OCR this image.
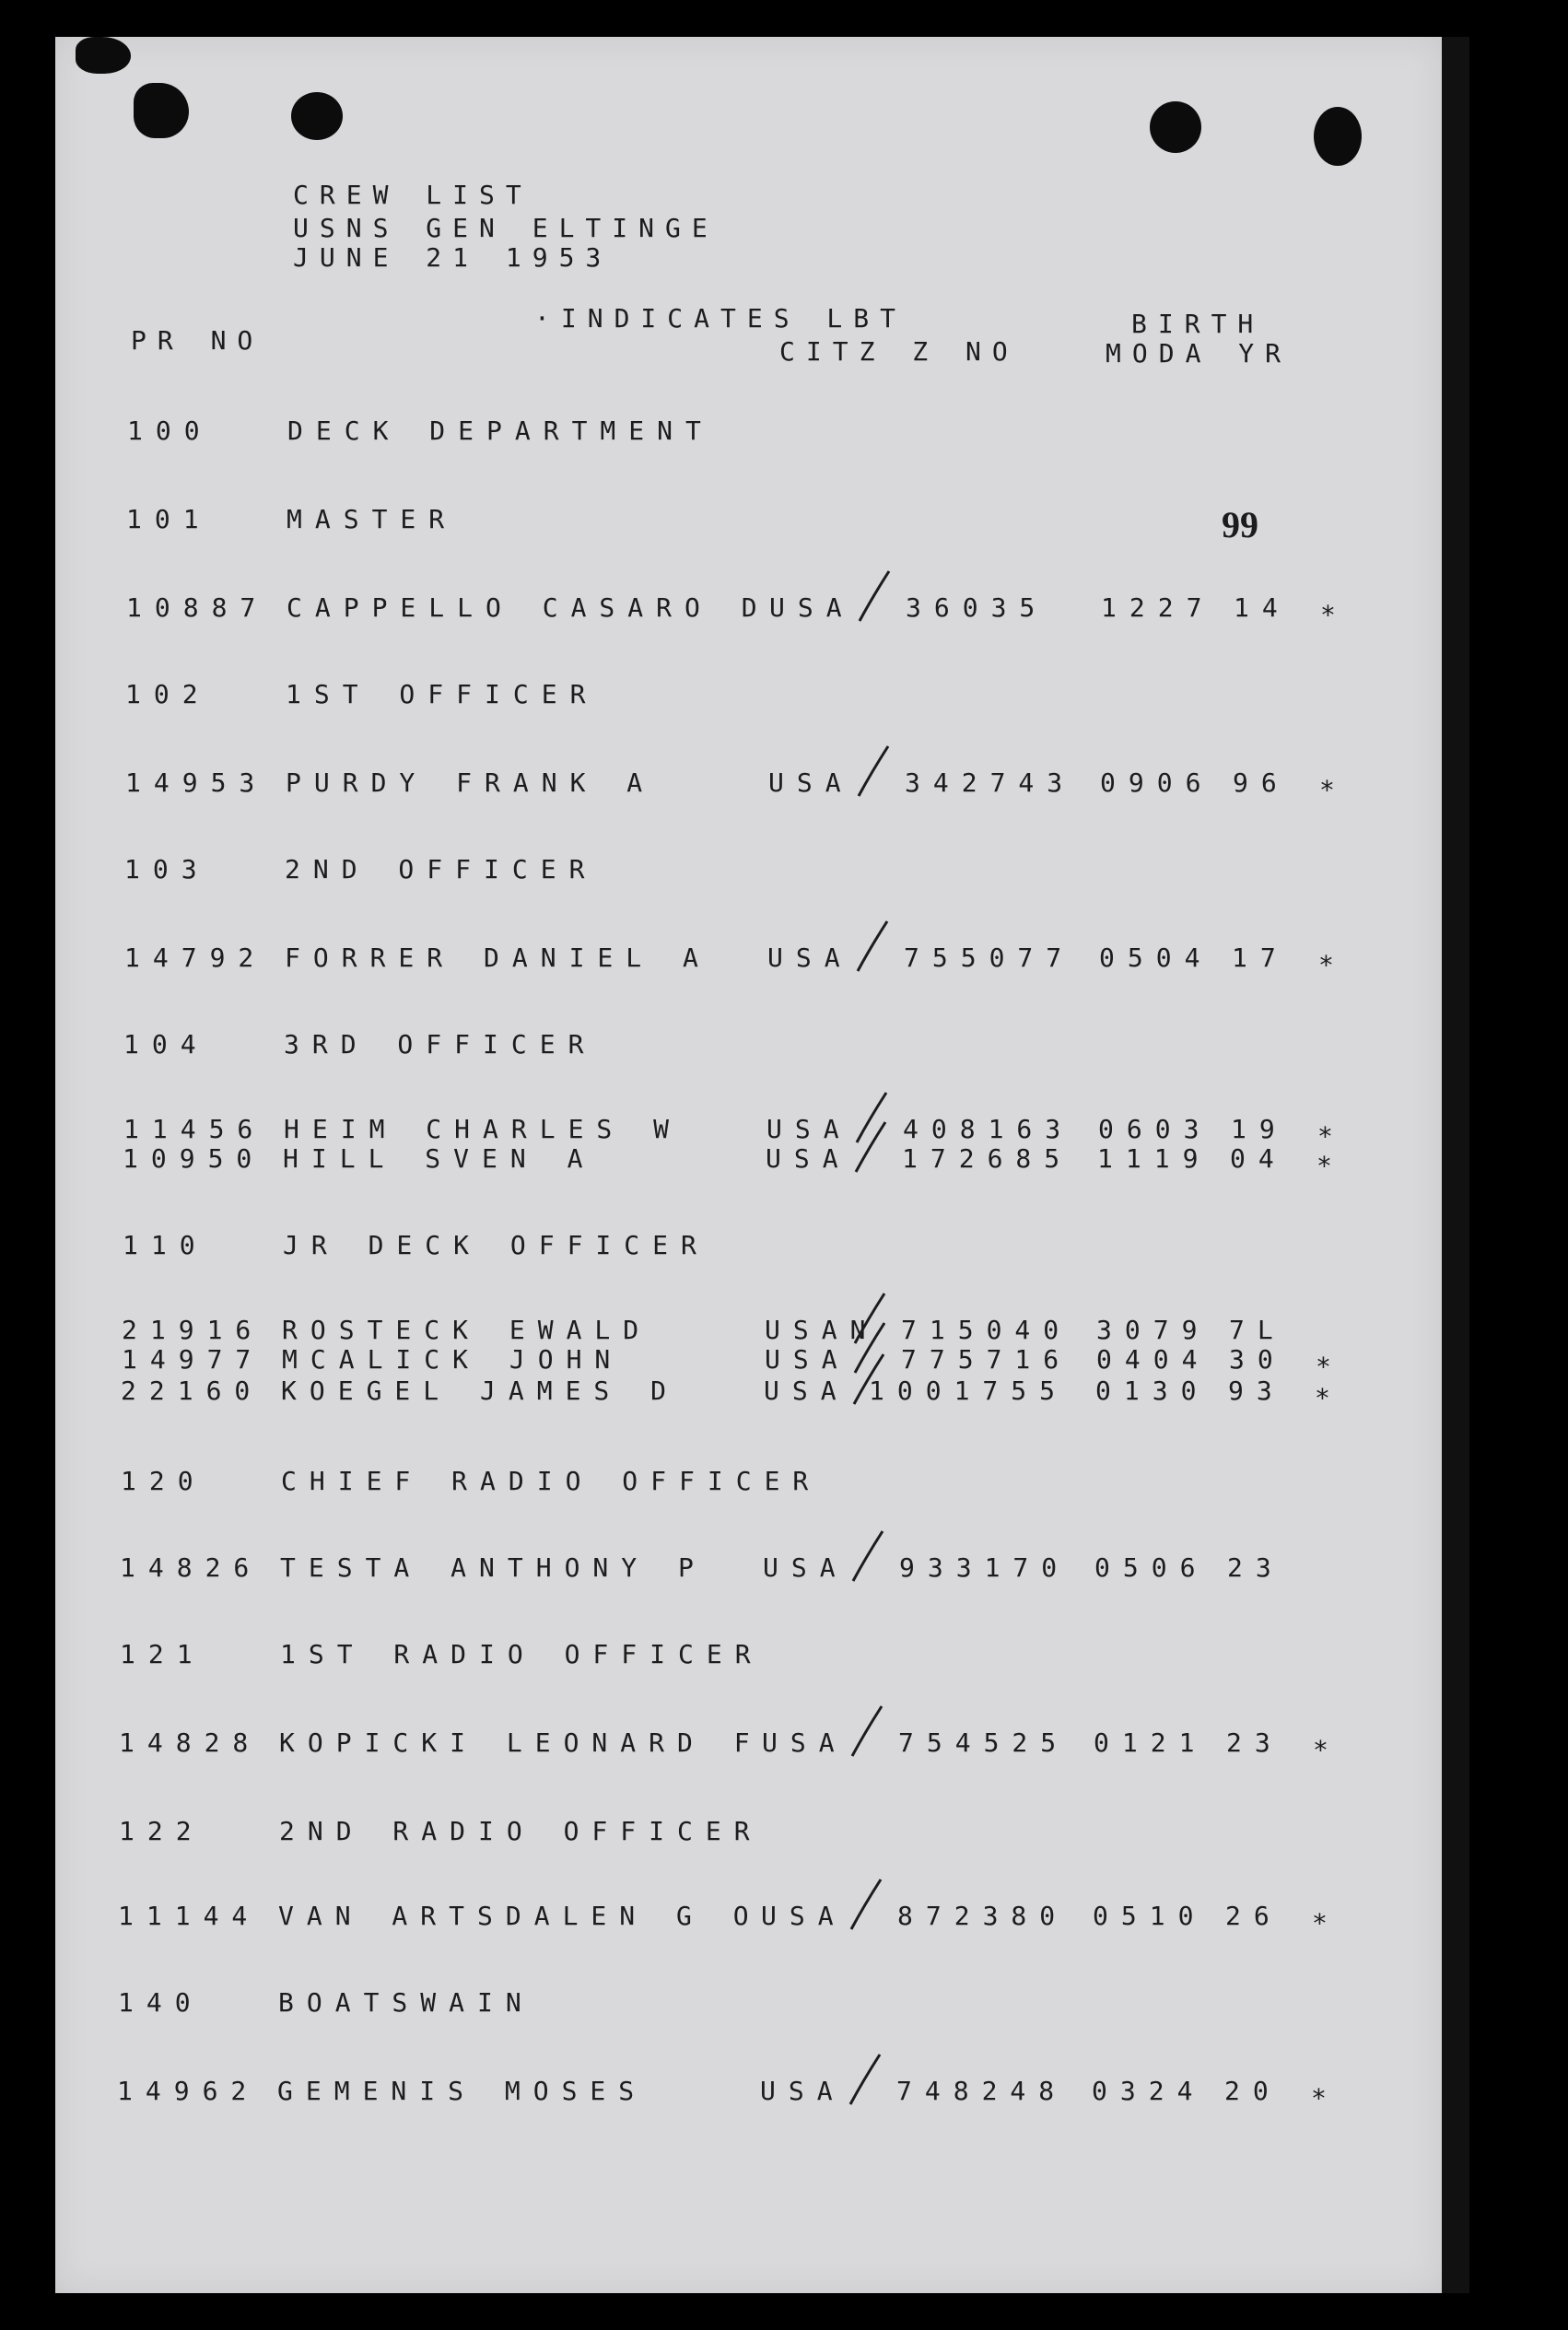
CREW LIST
USNS GEN ELTINGE
JUNE 21 1953
·INDICATES LBT	BIRTH
PR NO	CITZ Z NO	MODA YR
99
100	DECK DEPARTMENT
101	MASTER
10887 CAPPELLO CASARO D USA 36035 1227 14 *
102	1ST OFFICER
14953 PURDY FRANK A	USA 342743 0906 96 *
103	2ND OFFICER
14792 FORRER DANIEL A USA 755077 0504 17 *
104	3RD OFFICER
11456 HEIM CHARLES W	USA 408163 0603 19 *
10950 HILL SVEN A	USA 172685 1119 04 *
110	JR DECK OFFICER
21916 ROSTECK EWALD	USAN 715040 3079 7L
14977 MCALICK JOHN	USA 775716 0404 30 *
22160 KOEGEL JAMES D	USA 1001755 0130 93 *
120	CHIEF RADIO OFFICER
14826 TESTA ANTHONY P USA 933170 0506 23
121	1ST RADIO OFFICER
14828 KOPICKI LEONARD F USA 754525 0121 23 *
122	2ND RADIO OFFICER
11144 VAN ARTSDALEN G O USA 872380 0510 26 *
140	BOATSWAIN
14962 GEMENIS MOSES	USA 748248 0324 20 *
